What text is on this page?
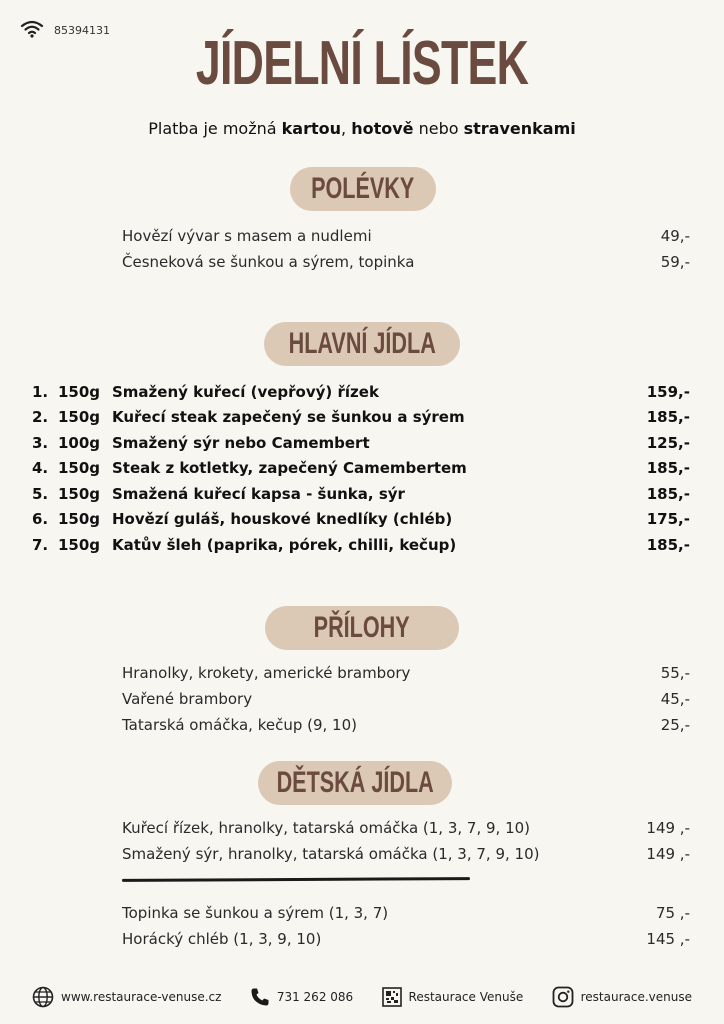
85394131	JÍDELNÍ LÍSTEK
Platba je možná kartou, hotově nebo stravenkami
POLÉVKY
Hovězí vývar s masem a nudlemi	49,-
Česneková se šunkou a sýrem, topinka	59,-
HLAVNÍ JÍDLA
1. 150g Smažený kuřecí (vepřový) řízek	159,-
2. 150g Kuřecí steak zapečený se šunkou a sýrem	185,-
3. 100g Smažený sýr nebo Camembert	125,-
4. 150g Steak z kotletky, zapečený Camembertem	185,-
5. 150g Smažená kuřecí kapsa - šunka, sýr	185,-
6. 150g Hovězí guláš, houskové knedlíky (chléb)	175,-
7. 150g Katův šleh (paprika, pórek, chilli, kečup)	185,-
PŘÍLOHY
Hranolky, krokety, americké brambory	55,-
Vařené brambory	45,-
Tatarská omáčka, kečup (9, 10)	25,-
DĚTSKÁ JÍDLA
Kuřecí řízek, hranolky, tatarská omáčka (1, 3, 7, 9, 10)	149 ,-
Smažený sýr, hranolky, tatarská omáčka (1, 3, 7, 9, 10)	149 ,-
Topinka se šunkou a sýrem (1, 3, 7)	75 ,-
Horácký chléb (1, 3, 9, 10)	145 ,-
www.restaurace-venuse.cz	731 262 086	Restaurace Venuše	restaurace.venuse
